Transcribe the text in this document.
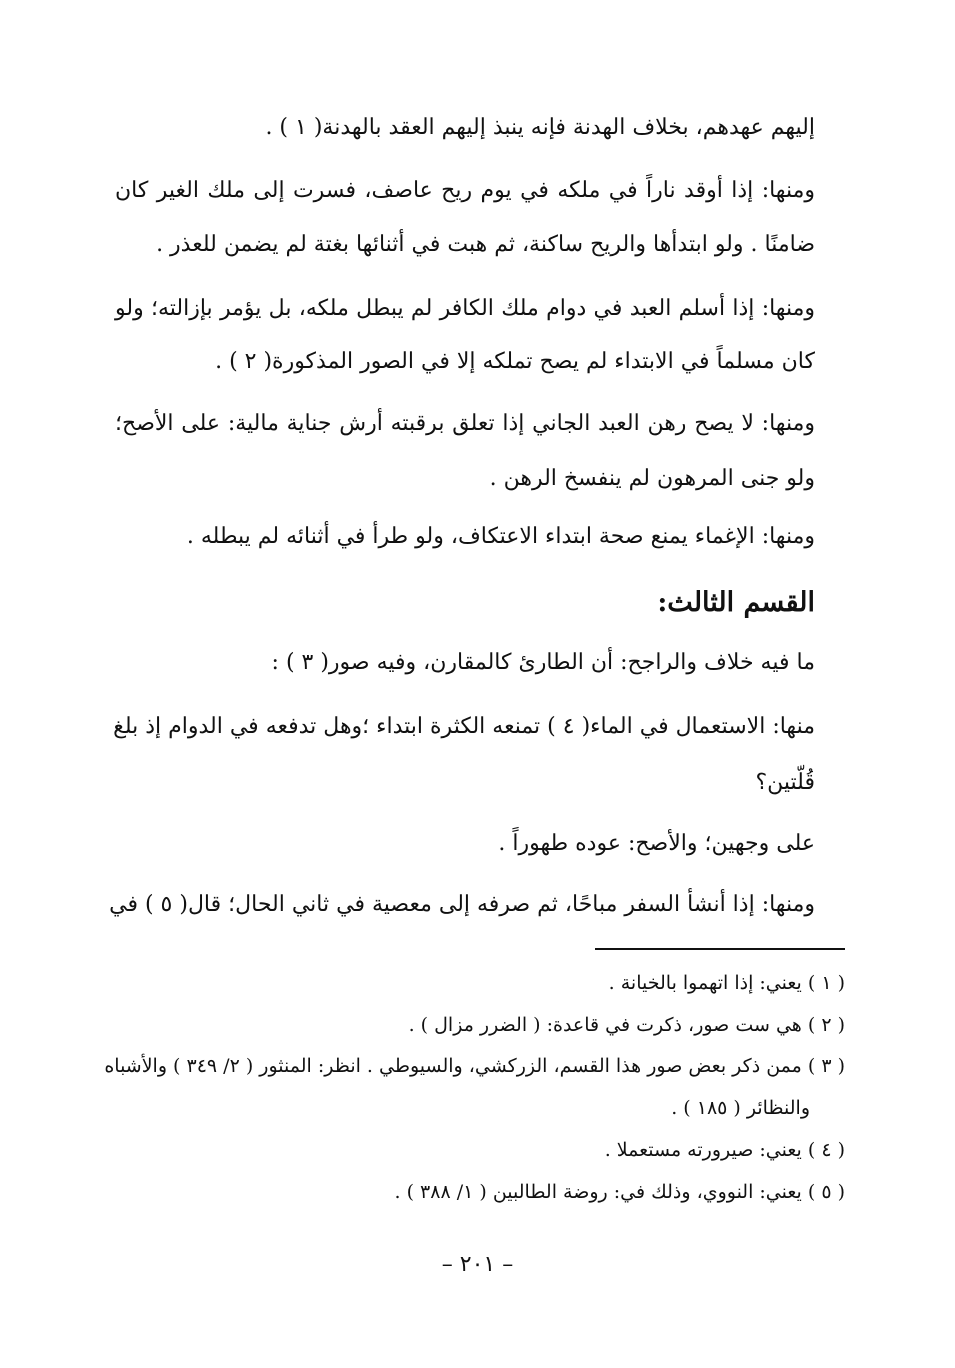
إليهم عهدهم، بخلاف الهدنة فإنه ينبذ إليهم العقد بالهدنة( ١ ) .
ومنها: إذا أوقد ناراً في ملكه في يوم ريح عاصف، فسرت إلى ملك الغير كان
ضامنًا . ولو ابتدأها والريح ساكنة، ثم هبت في أثنائها بغتة لم يضمن للعذر .
ومنها: إذا أسلم العبد في دوام ملك الكافر لم يبطل ملكه، بل يؤمر بإزالته؛ ولو
كان مسلماً في الابتداء لم يصح تملكه إلا في الصور المذكورة( ٢ ) .
ومنها: لا يصح رهن العبد الجاني إذا تعلق برقبته أرش جناية مالية: على الأصح؛
ولو جنى المرهون لم ينفسخ الرهن .
ومنها: الإغماء يمنع صحة ابتداء الاعتكاف، ولو طرأ في أثنائه لم يبطله .
القسم الثالث:
ما فيه خلاف والراجح: أن الطارئ كالمقارن، وفيه صور( ٣ ) :
منها: الاستعمال في الماء( ٤ ) تمنعه الكثرة ابتداء ؛وهل تدفعه في الدوام إذ بلغ
قُلّتين؟
على وجهين؛ والأصح: عوده طهوراً .
ومنها: إذا أنشأ السفر مباحًا، ثم صرفه إلى معصية في ثاني الحال؛ قال( ٥ ) في
( ١ ) يعني: إذا اتهموا بالخيانة .
( ٢ ) هي ست صور، ذكرت في قاعدة: ( الضرر مزال ) .
( ٣ ) ممن ذكر بعض صور هذا القسم، الزركشي، والسيوطي . انظر: المنثور ( ٢/ ٣٤٩ ) والأشباه
والنظائر ( ١٨٥ ) .
( ٤ ) يعني: صيرورته مستعملا .
( ٥ ) يعني: النووي، وذلك في: روضة الطالبين ( ١/ ٣٨٨ ) .
– ٢٠١ –
